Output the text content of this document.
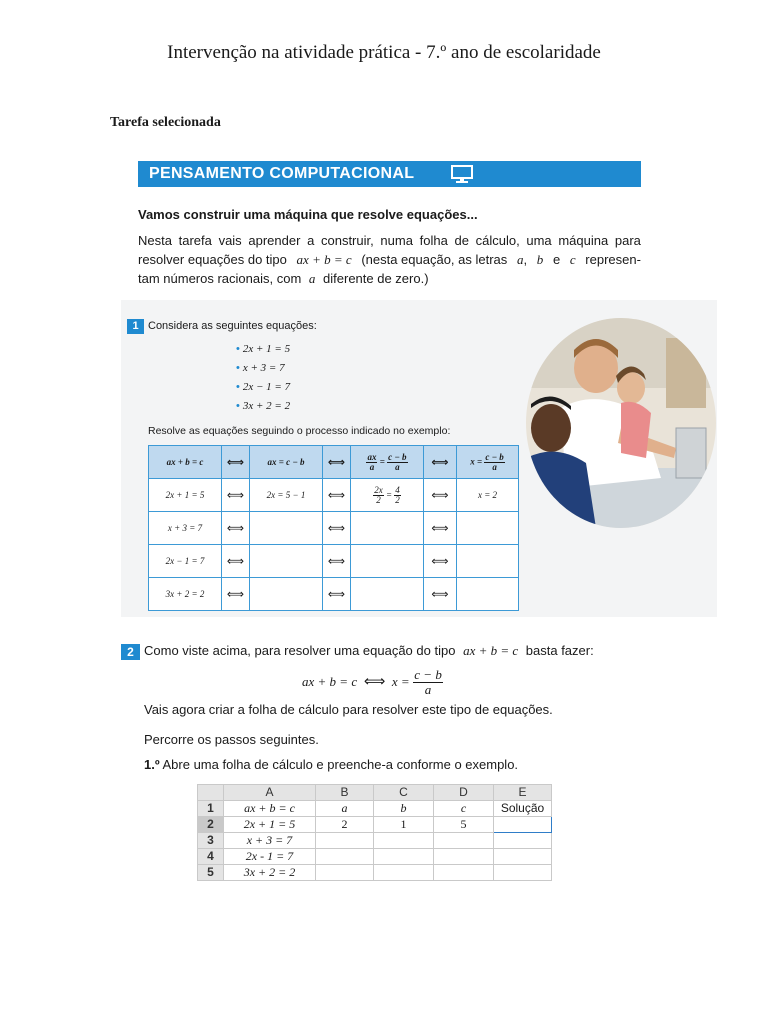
Intervenção na atividade prática - 7.º ano de escolaridade
Tarefa selecionada
PENSAMENTO COMPUTACIONAL
Vamos construir uma máquina que resolve equações...
Nesta tarefa vais aprender a construir, numa folha de cálculo, uma máquina para
resolver equações do tipo ax + b = c (nesta equação, as letras a, b e c represen-
tam números racionais, com a diferente de zero.)
1 Considera as seguintes equações:
• 2x + 1 = 5
• x + 3 = 7
• 2x − 1 = 7
• 3x + 2 = 2
Resolve as equações seguindo o processo indicado no exemplo:
ax + b = c	⟺	ax = c − b	⟺	$\frac{ax}{a} = \frac{c - b}{a}$	⟺	$x = \frac{c - b}{a}$

2x + 1 = 5	⟺	2x = 5 − 1	⟺	$\frac{2x}{2} = \frac{4}{2}$	⟺	x = 2
x + 3 = 7	⟺		⟺		⟺	
2x − 1 = 7	⟺		⟺		⟺	
3x + 2 = 2	⟺		⟺		⟺	
2 Como viste acima, para resolver uma equação do tipo ax + b = c basta fazer:
ax + b = c ⟺ $x = \frac{c - b}{a}$
Vais agora criar a folha de cálculo para resolver este tipo de equações.
Percorre os passos seguintes.
1.º Abre uma folha de cálculo e preenche-a conforme o exemplo.
	A	B	C	D	E
1	ax + b = c	a	b	c	Solução
2	2x + 1 = 5	2	1	5	
3	x + 3 = 7				
4	2x - 1 = 7				
5	3x + 2 = 2				
